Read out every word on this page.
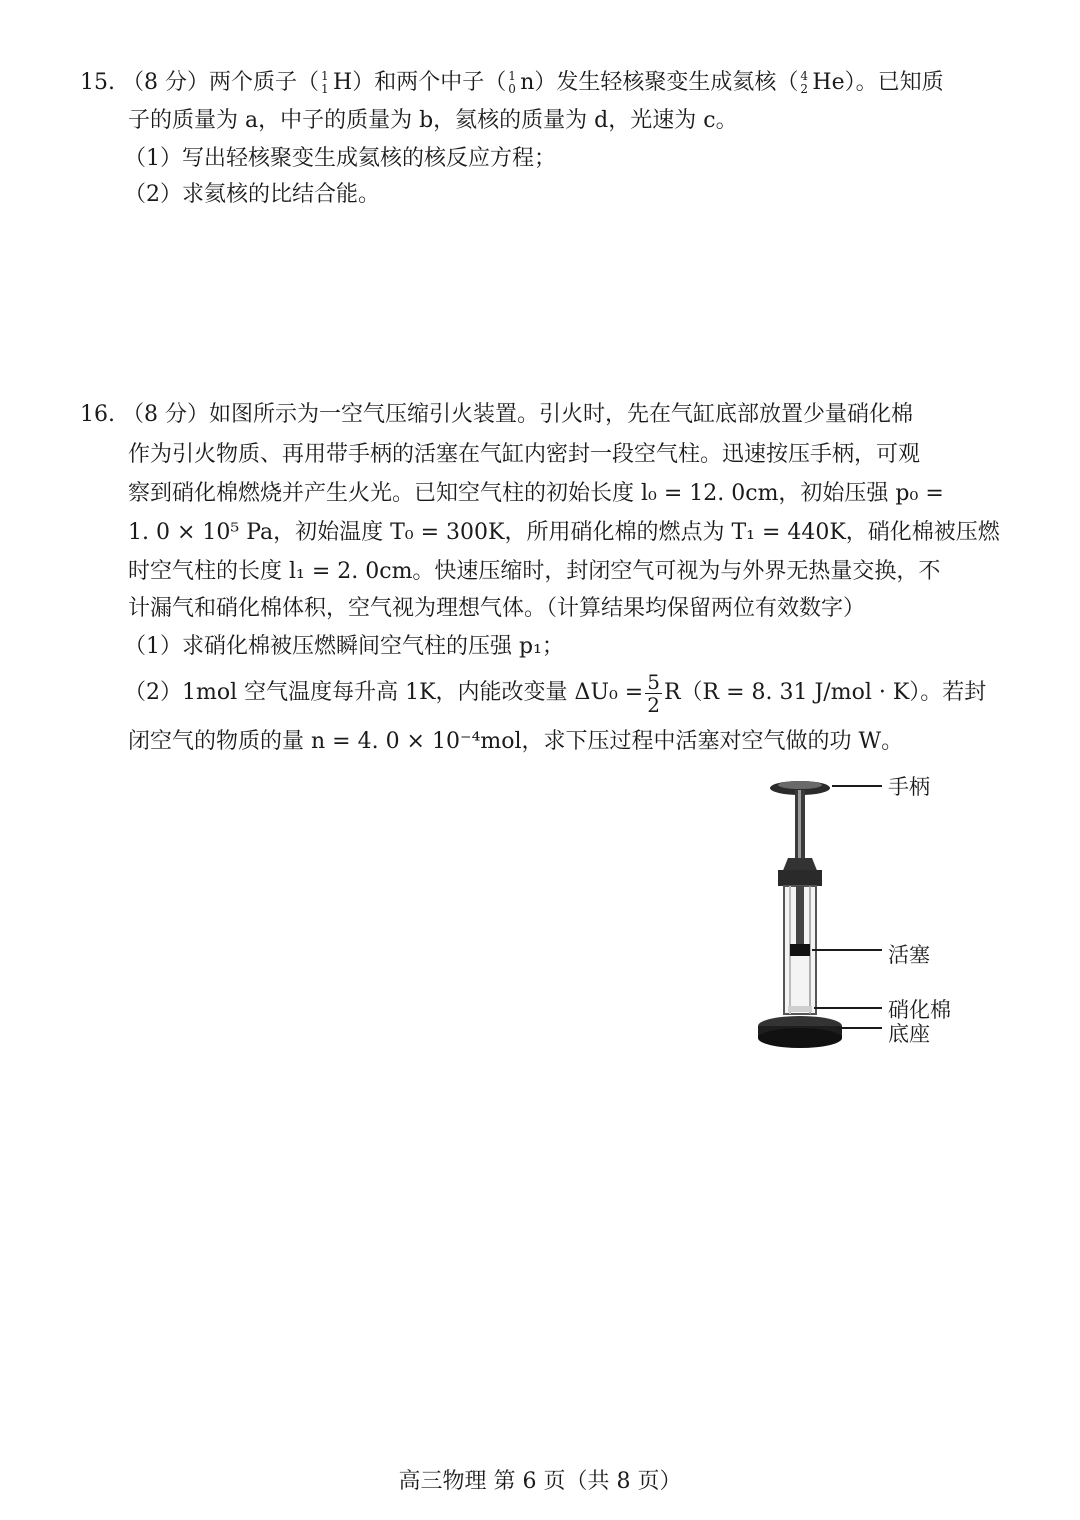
15. （8 分）两个质子（ 1
1 H）和两个中子（ 1
0 n）发生轻核聚变生成氦核（ 4
2 He）。已知质
子的质量为 a，中子的质量为 b，氦核的质量为 d，光速为 c。
（1）写出轻核聚变生成氦核的核反应方程；
（2）求氦核的比结合能。
16. （8 分）如图所示为一空气压缩引火装置。引火时，先在气缸底部放置少量硝化棉
作为引火物质、再用带手柄的活塞在气缸内密封一段空气柱。迅速按压手柄，可观
察到硝化棉燃烧并产生火光。已知空气柱的初始长度 l₀ = 12. 0cm，初始压强 p₀ =
1. 0 × 10⁵ Pa，初始温度 T₀ = 300K，所用硝化棉的燃点为 T₁ = 440K，硝化棉被压燃
时空气柱的长度 l₁ = 2. 0cm。快速压缩时，封闭空气可视为与外界无热量交换，不
计漏气和硝化棉体积，空气视为理想气体。（计算结果均保留两位有效数字）
（1）求硝化棉被压燃瞬间空气柱的压强 p₁；
（2）1mol 空气温度每升高 1K，内能改变量 $\Delta U_0 = \frac{5}{2} R(R = 8$. 31 J/mol · K）。若封
闭空气的物质的量 n = 4. 0 × 10⁻⁴mol，求下压过程中活塞对空气做的功 W。
手柄
活塞
硝化棉
底座
高三物理 第 6 页（共 8 页）
